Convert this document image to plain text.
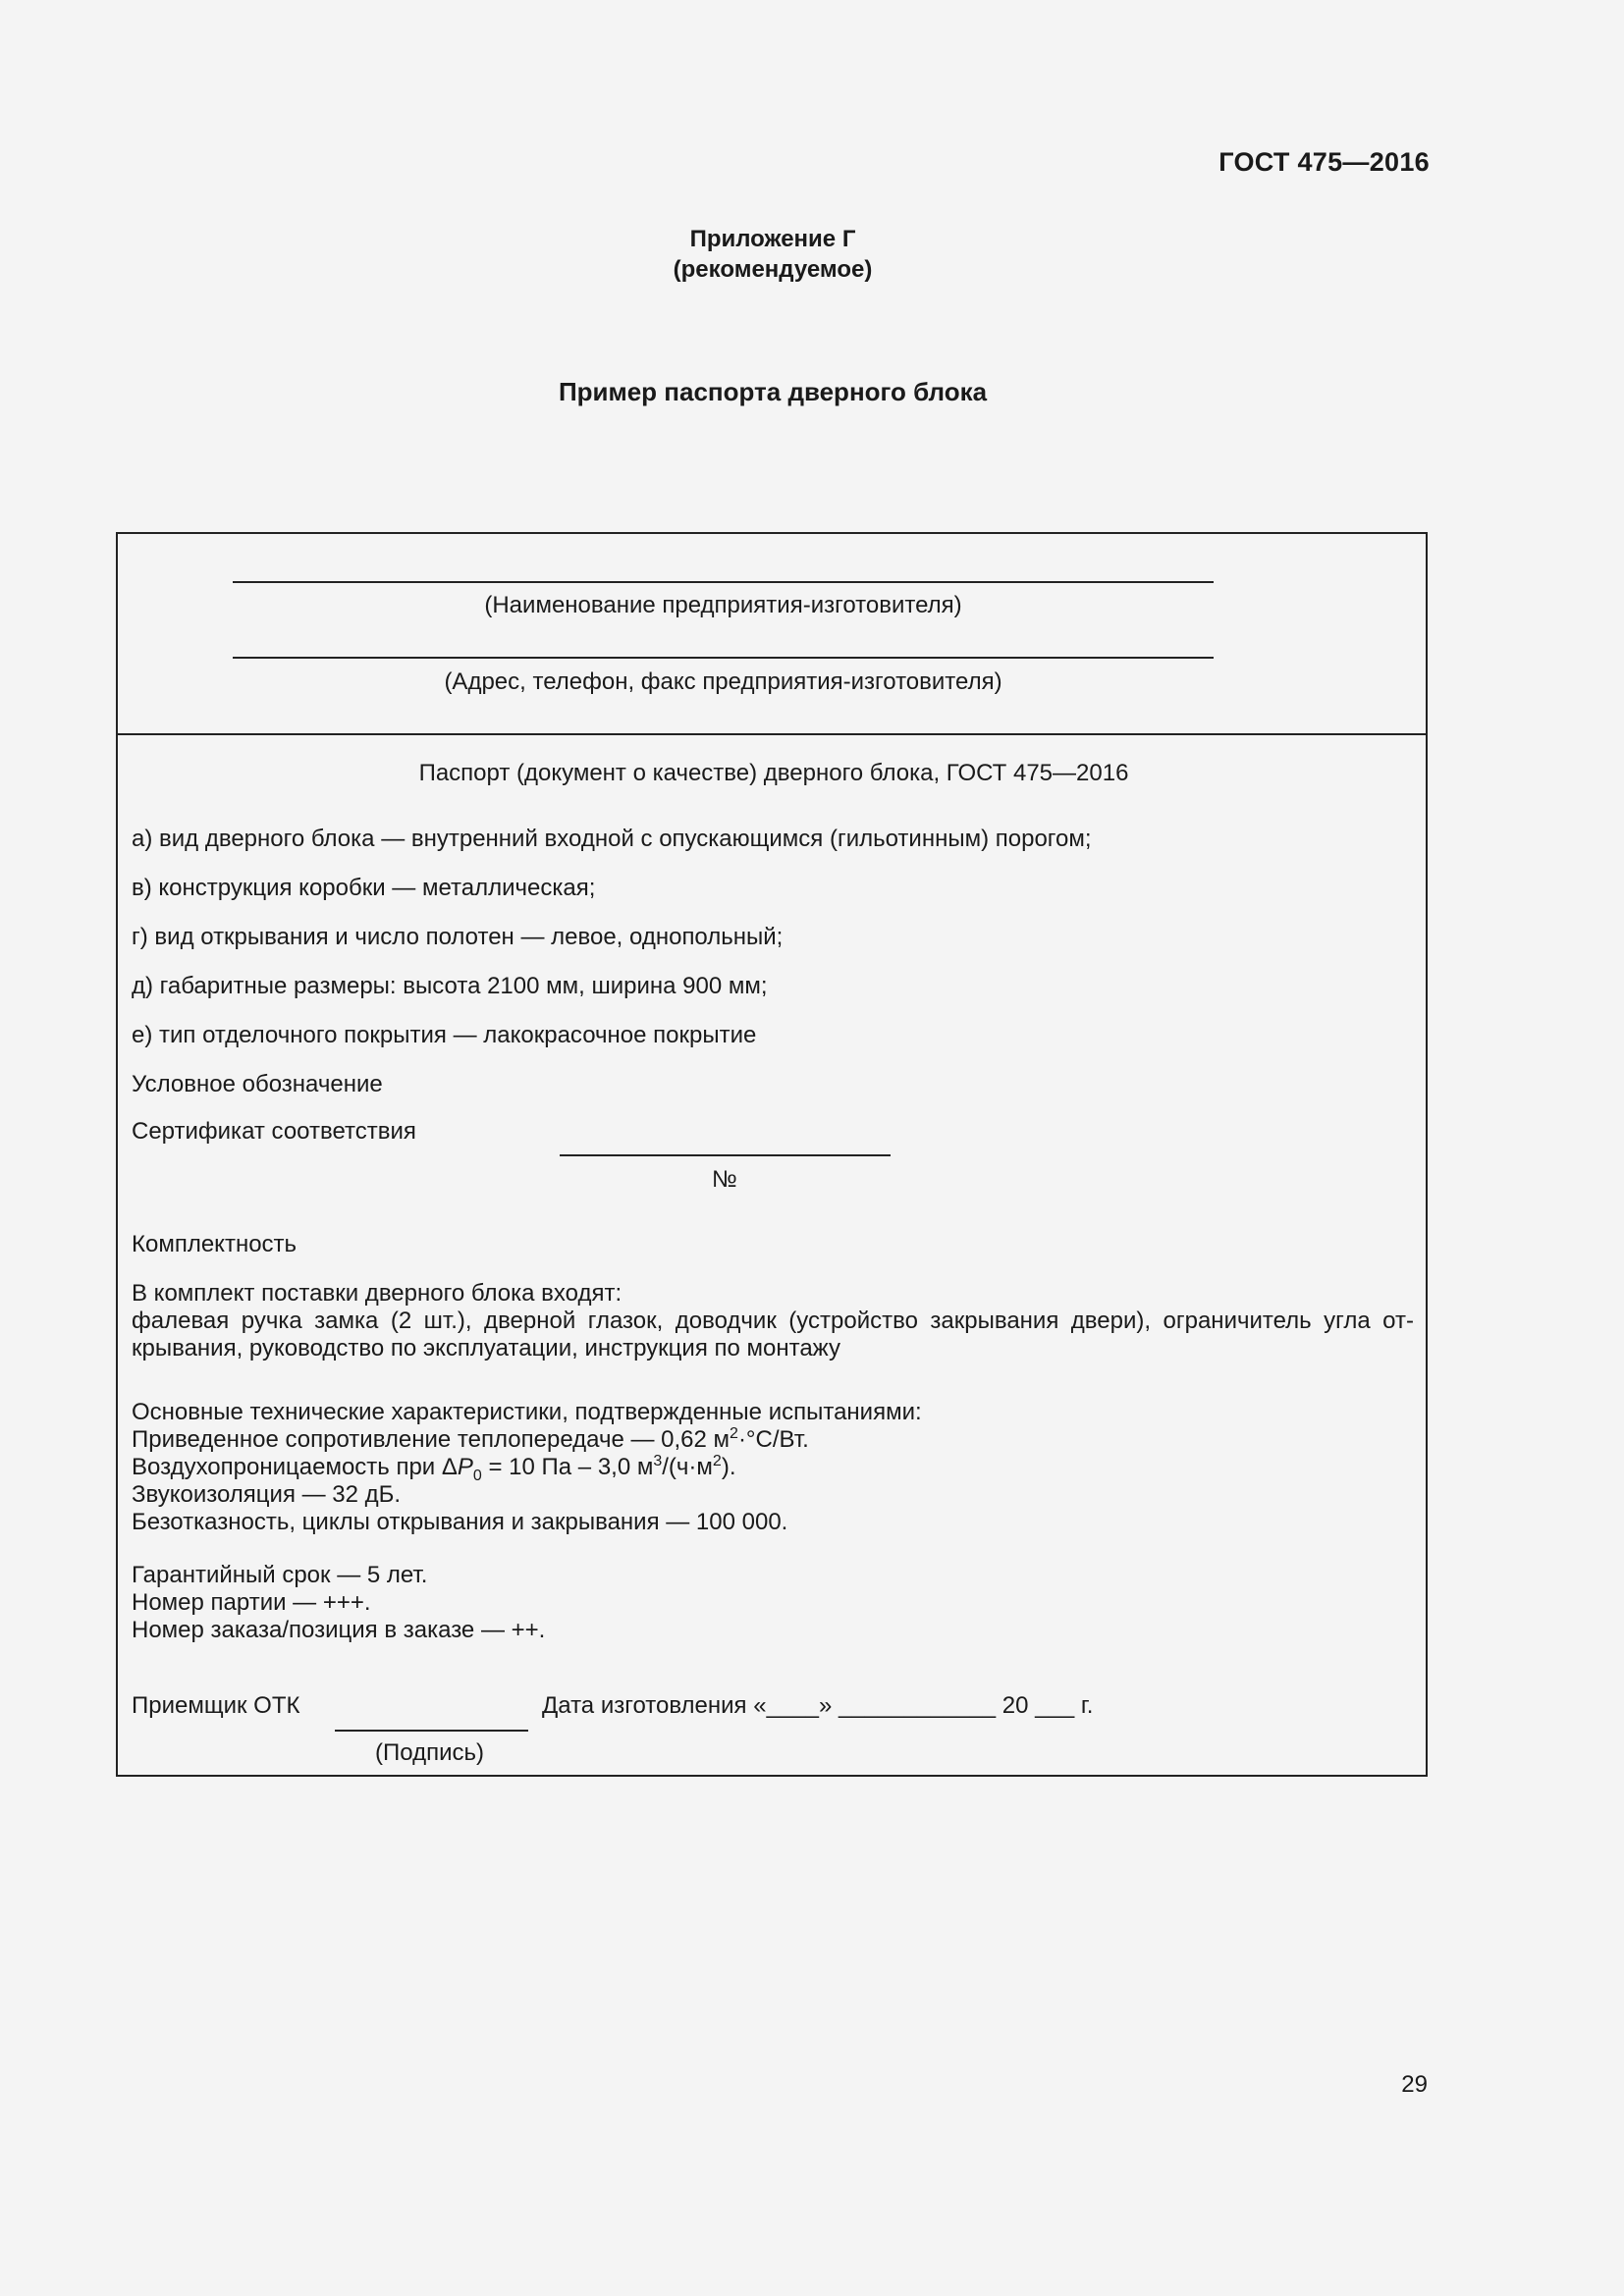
ГОСТ 475—2016
Приложение Г
(рекомендуемое)
Пример паспорта дверного блока
(Наименование предприятия-изготовителя)
(Адрес, телефон, факс предприятия-изготовителя)
Паспорт (документ о качестве) дверного блока, ГОСТ 475—2016
а) вид дверного блока — внутренний входной с опускающимся (гильотинным) порогом;
в) конструкция коробки — металлическая;
г) вид открывания и число полотен — левое, однопольный;
д) габаритные размеры: высота 2100 мм, ширина 900 мм;
е) тип отделочного покрытия — лакокрасочное покрытие
Условное обозначение
Сертификат соответствия
№
Комплектность
В комплект поставки дверного блока входят:
фалевая ручка замка (2 шт.), дверной глазок, доводчик (устройство закрывания двери), ограничитель угла от-
крывания, руководство по эксплуатации, инструкция по монтажу
Основные технические характеристики, подтвержденные испытаниями:
Приведенное сопротивление теплопередаче — 0,62 $м^2\cdot^\circ С/Вт$.
Воздухопроницаемость при $\Delta P_0 = 10$ Па – 3,0 $м^3/(ч\cdot м^2)$.
Звукоизоляция — 32 дБ.
Безотказность, циклы открывания и закрывания — 100 000.
Гарантийный срок — 5 лет.
Номер партии — +++.
Номер заказа/позиция в заказе — ++.
Приемщик ОТК	Дата изготовления «____» ____________ 20 ___ г.
(Подпись)
29
